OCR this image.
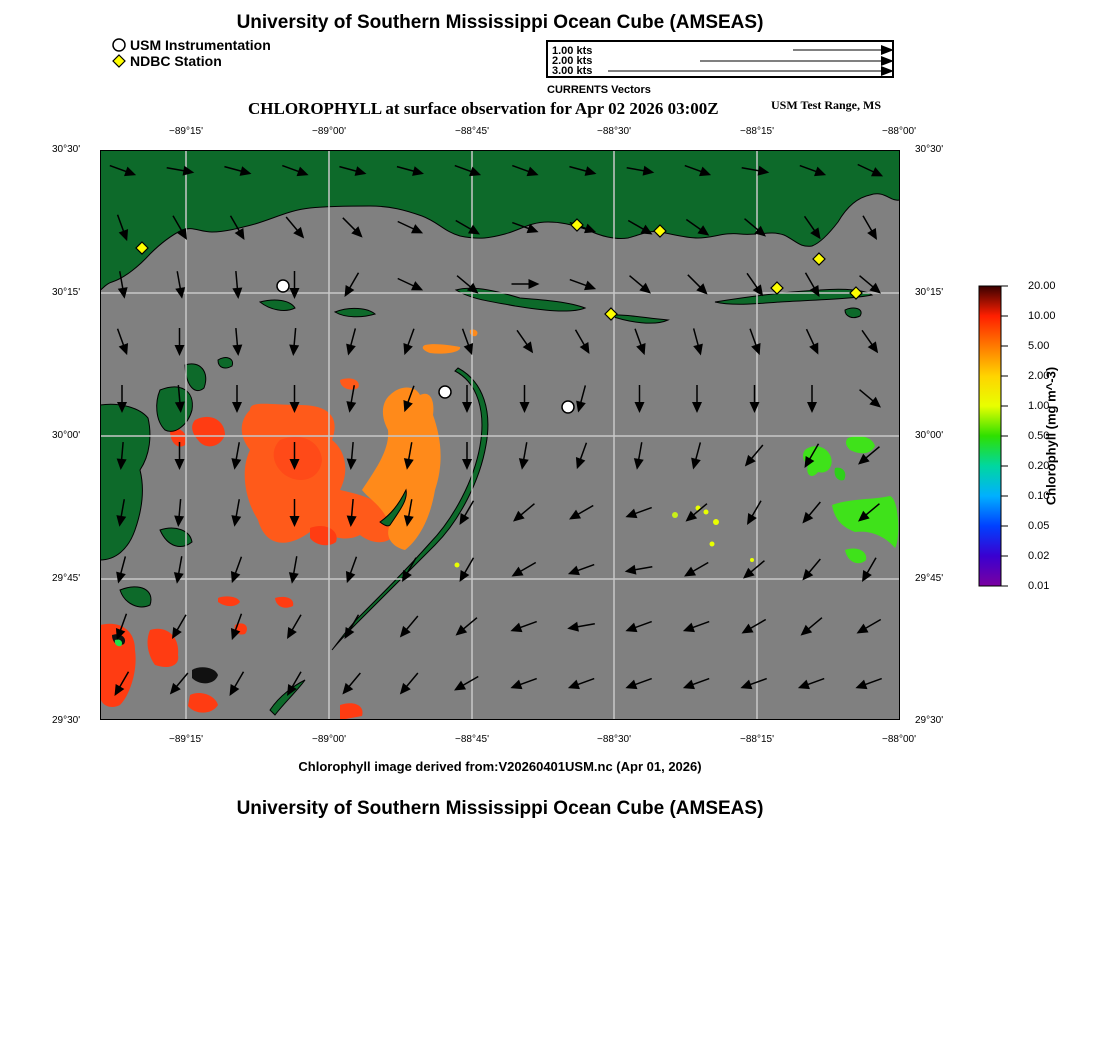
University of Southern Mississippi Ocean Cube (AMSEAS)
USM Instrumentation
NDBC Station
1.00 kts
2.00 kts
3.00 kts
CURRENTS Vectors
CHLOROPHYLL at surface observation for Apr 02 2026 03:00Z	USM Test Range, MS
−89°15'	−89°00'	−88°45'	−88°30'	−88°15'	−88°00'
30°30'
30°15'
30°00'
29°45'
29°30'
30°30'
30°15'
30°00'
29°45'
29°30'
−89°15'	−89°00'	−88°45'	−88°30'	−88°15'	−88°00'
Chlorophyll image derived from:V20260401USM.nc (Apr 01, 2026)
20.00
10.00
5.00
2.00
1.00
0.50
0.20
0.10
0.05
0.02
0.01
Chlorophyll (mg m^-3)
University of Southern Mississippi Ocean Cube (AMSEAS)
